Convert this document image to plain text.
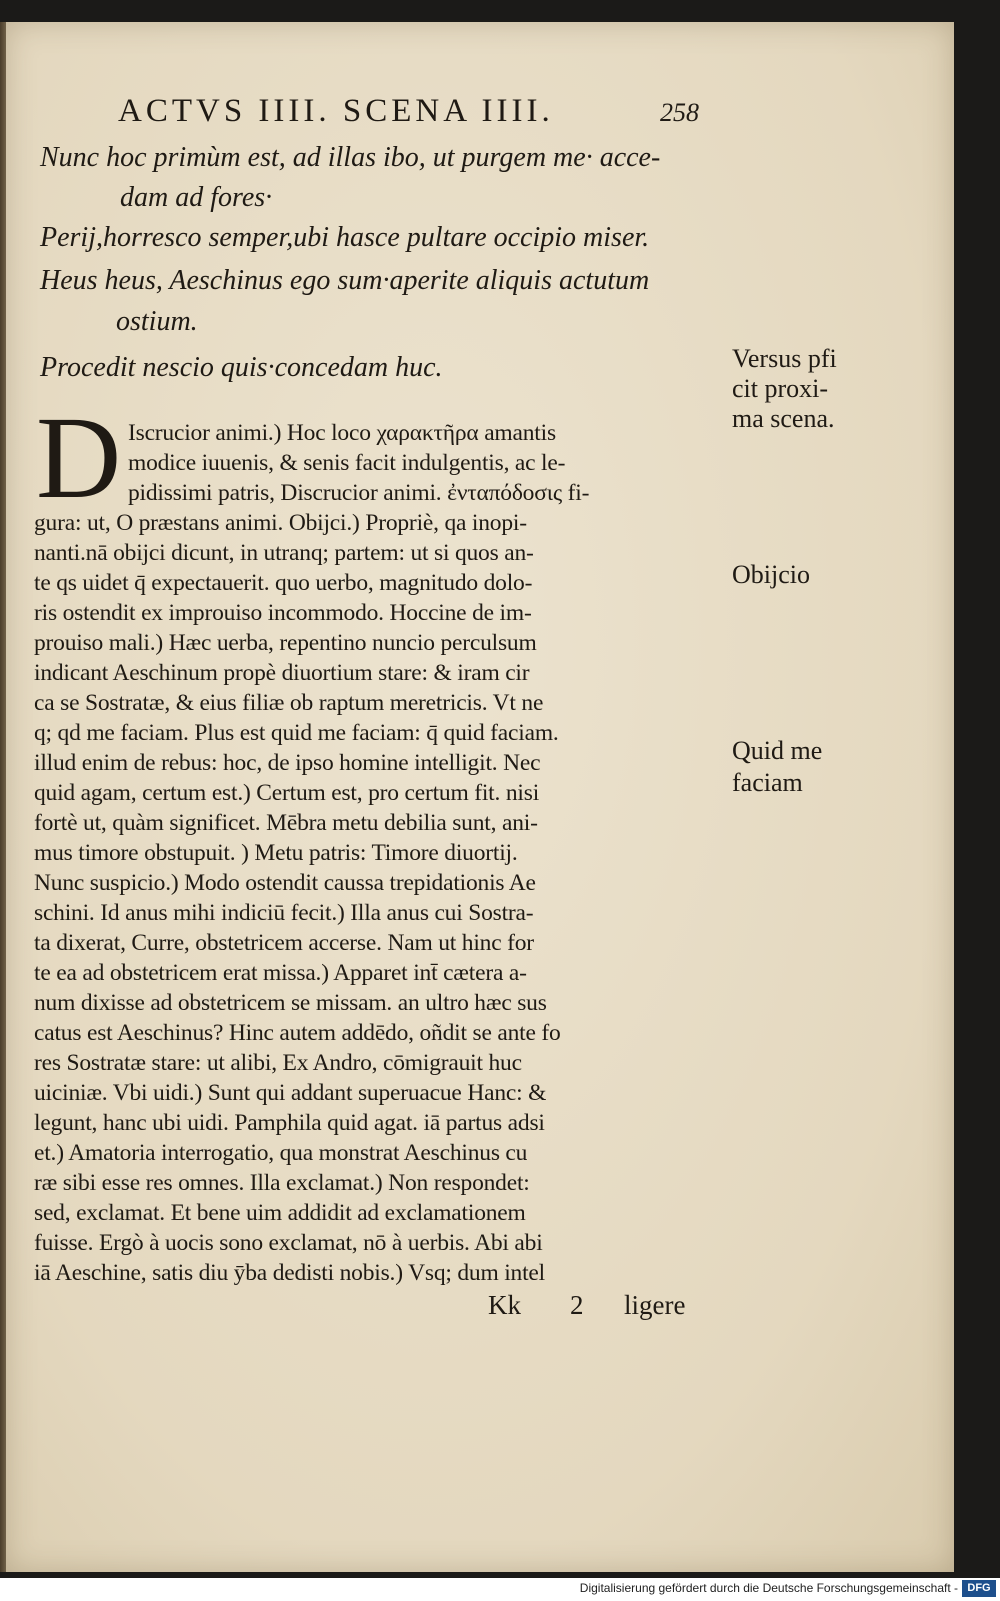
ACTVS IIII. SCENA IIII.	258
Nunc hoc primùm est, ad illas ibo, ut purgem me· acce-
dam ad fores·
Perij,horresco semper,ubi hasce pultare occipio miser.
Heus heus, Aeschinus ego sum·aperite aliquis actutum
ostium.
Procedit nescio quis·concedam huc.
D Iscrucior animi.) Hoc loco χαρακτῆρα amantis
modice iuuenis, & senis facit indulgentis, ac le-
pidissimi patris, Discrucior animi. ἐνταπόδοσις fi-
gura: ut, O præstans animi. Obijci.) Propriè, qa inopi-
nanti.nā obijci dicunt, in utranq; partem: ut si quos an-
te qs uidet q̄ expectauerit. quo uerbo, magnitudo dolo-
ris ostendit ex improuiso incommodo. Hoccine de im-
prouiso mali.) Hæc uerba, repentino nuncio perculsum
indicant Aeschinum propè diuortium stare: & iram cir
ca se Sostratæ, & eius filiæ ob raptum meretricis. Vt ne
q; qd me faciam. Plus est quid me faciam: q̄ quid faciam.
illud enim de rebus: hoc, de ipso homine intelligit. Nec
quid agam, certum est.) Certum est, pro certum fit. nisi
fortè ut, quàm significet. Mēbra metu debilia sunt, ani-
mus timore obstupuit. ) Metu patris: Timore diuortij.
Nunc suspicio.) Modo ostendit caussa trepidationis Ae
schini. Id anus mihi indiciū fecit.) Illa anus cui Sostra-
ta dixerat, Curre, obstetricem accerse. Nam ut hinc for
te ea ad obstetricem erat missa.) Apparet int̄ cætera a-
num dixisse ad obstetricem se missam. an ultro hæc sus
catus est Aeschinus? Hinc autem addēdo, oñdit se ante fo
res Sostratæ stare: ut alibi, Ex Andro, cōmigrauit huc
uiciniæ. Vbi uidi.) Sunt qui addant superuacue Hanc: &
legunt, hanc ubi uidi. Pamphila quid agat. iā partus adsi
et.) Amatoria interrogatio, qua monstrat Aeschinus cu
ræ sibi esse res omnes. Illa exclamat.) Non respondet:
sed, exclamat. Et bene uim addidit ad exclamationem
fuisse. Ergò à uocis sono exclamat, nō à uerbis. Abi abi
iā Aeschine, satis diu ȳba dedisti nobis.) Vsq; dum intel
Kk 2 ligere
Versus pfi
cit proxi-
ma scena.
Obijcio
Quid me
faciam
Digitalisierung gefördert durch die Deutsche Forschungsgemeinschaft - DFG
